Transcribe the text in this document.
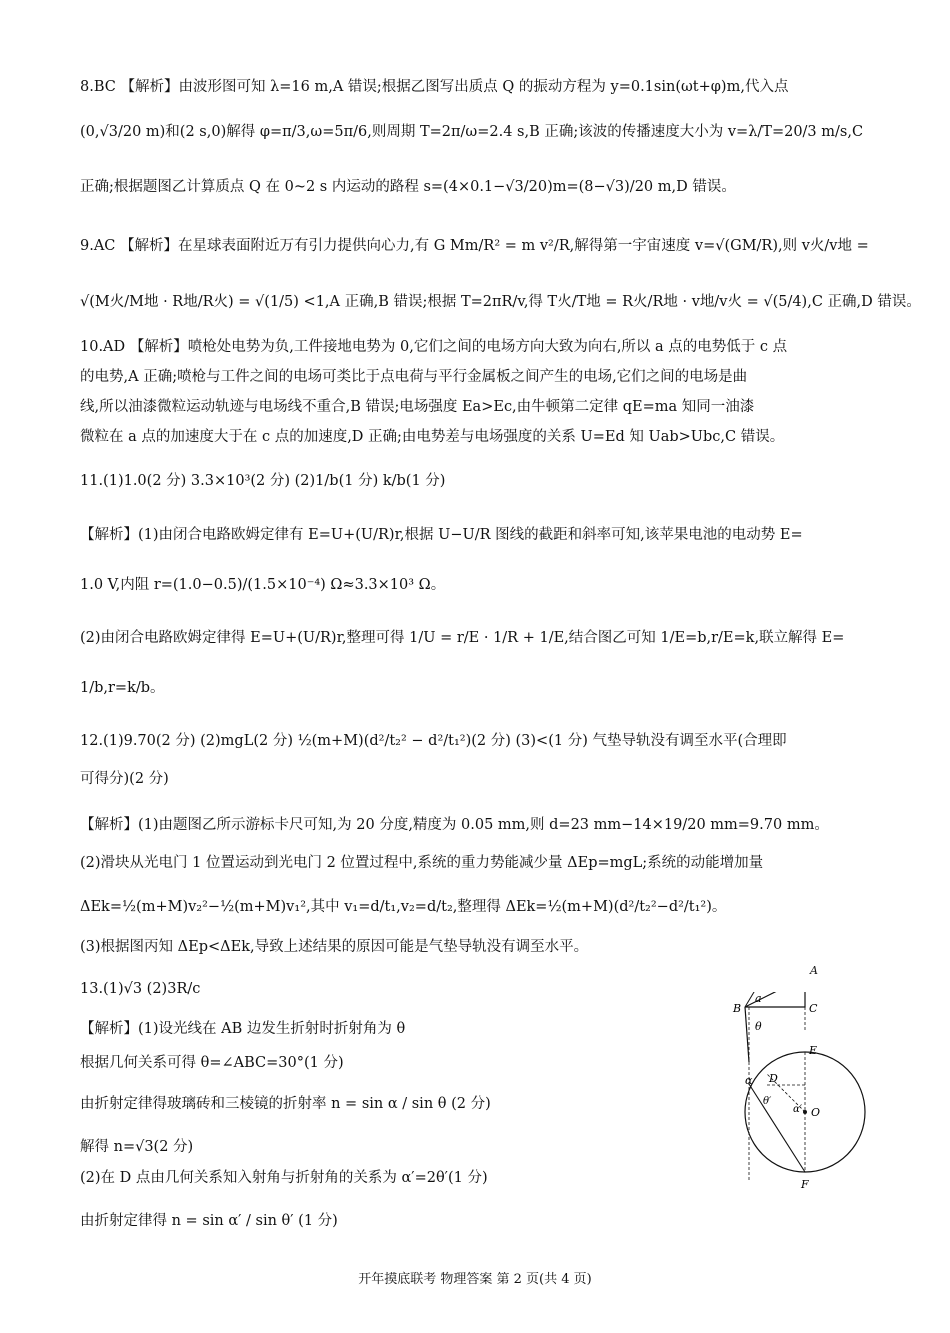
8.BC 【解析】由波形图可知 λ=16 m,A 错误;根据乙图写出质点 Q 的振动方程为 y=0.1sin(ωt+φ)m,代入点
(0,√3/20 m)和(2 s,0)解得 φ=π/3,ω=5π/6,则周期 T=2π/ω=2.4 s,B 正确;该波的传播速度大小为 v=λ/T=20/3 m/s,C
正确;根据题图乙计算质点 Q 在 0~2 s 内运动的路程 s=(4×0.1−√3/20)m=(8−√3)/20 m,D 错误。
9.AC 【解析】在星球表面附近万有引力提供向心力,有 G Mm/R² = m v²/R,解得第一宇宙速度 v=√(GM/R),则 v火/v地 =
√(M火/M地 · R地/R火) = √(1/5) <1,A 正确,B 错误;根据 T=2πR/v,得 T火/T地 = R火/R地 · v地/v火 = √(5/4),C 正确,D 错误。
10.AD 【解析】喷枪处电势为负,工件接地电势为 0,它们之间的电场方向大致为向右,所以 a 点的电势低于 c 点
的电势,A 正确;喷枪与工件之间的电场可类比于点电荷与平行金属板之间产生的电场,它们之间的电场是曲
线,所以油漆微粒运动轨迹与电场线不重合,B 错误;电场强度 Ea>Ec,由牛顿第二定律 qE=ma 知同一油漆
微粒在 a 点的加速度大于在 c 点的加速度,D 正确;由电势差与电场强度的关系 U=Ed 知 Uab>Ubc,C 错误。
11.(1)1.0(2 分) 3.3×10³(2 分) (2)1/b(1 分) k/b(1 分)
【解析】(1)由闭合电路欧姆定律有 E=U+(U/R)r,根据 U−U/R 图线的截距和斜率可知,该苹果电池的电动势 E=
1.0 V,内阻 r=(1.0−0.5)/(1.5×10⁻⁴) Ω≈3.3×10³ Ω。
(2)由闭合电路欧姆定律得 E=U+(U/R)r,整理可得 1/U = r/E · 1/R + 1/E,结合图乙可知 1/E=b,r/E=k,联立解得 E=
1/b,r=k/b。
12.(1)9.70(2 分) (2)mgL(2 分) ½(m+M)(d²/t₂² − d²/t₁²)(2 分) (3)<(1 分) 气垫导轨没有调至水平(合理即
可得分)(2 分)
【解析】(1)由题图乙所示游标卡尺可知,为 20 分度,精度为 0.05 mm,则 d=23 mm−14×19/20 mm=9.70 mm。
(2)滑块从光电门 1 位置运动到光电门 2 位置过程中,系统的重力势能减少量 ΔEp=mgL;系统的动能增加量
ΔEk=½(m+M)v₂²−½(m+M)v₁²,其中 v₁=d/t₁,v₂=d/t₂,整理得 ΔEk=½(m+M)(d²/t₂²−d²/t₁²)。
(3)根据图丙知 ΔEp<ΔEk,导致上述结果的原因可能是气垫导轨没有调至水平。
13.(1)√3 (2)3R/c
【解析】(1)设光线在 AB 边发生折射时折射角为 θ
根据几何关系可得 θ=∠ABC=30°(1 分)
由折射定律得玻璃砖和三棱镜的折射率 n = sin α / sin θ (2 分)
解得 n=√3(2 分)
(2)在 D 点由几何关系知入射角与折射角的关系为 α′=2θ′(1 分)
由折射定律得 n = sin α′ / sin θ′ (1 分)
a
B	C
θ
E
α D
θ′
α′ O
F
A
开年摸底联考 物理答案 第 2 页(共 4 页)
